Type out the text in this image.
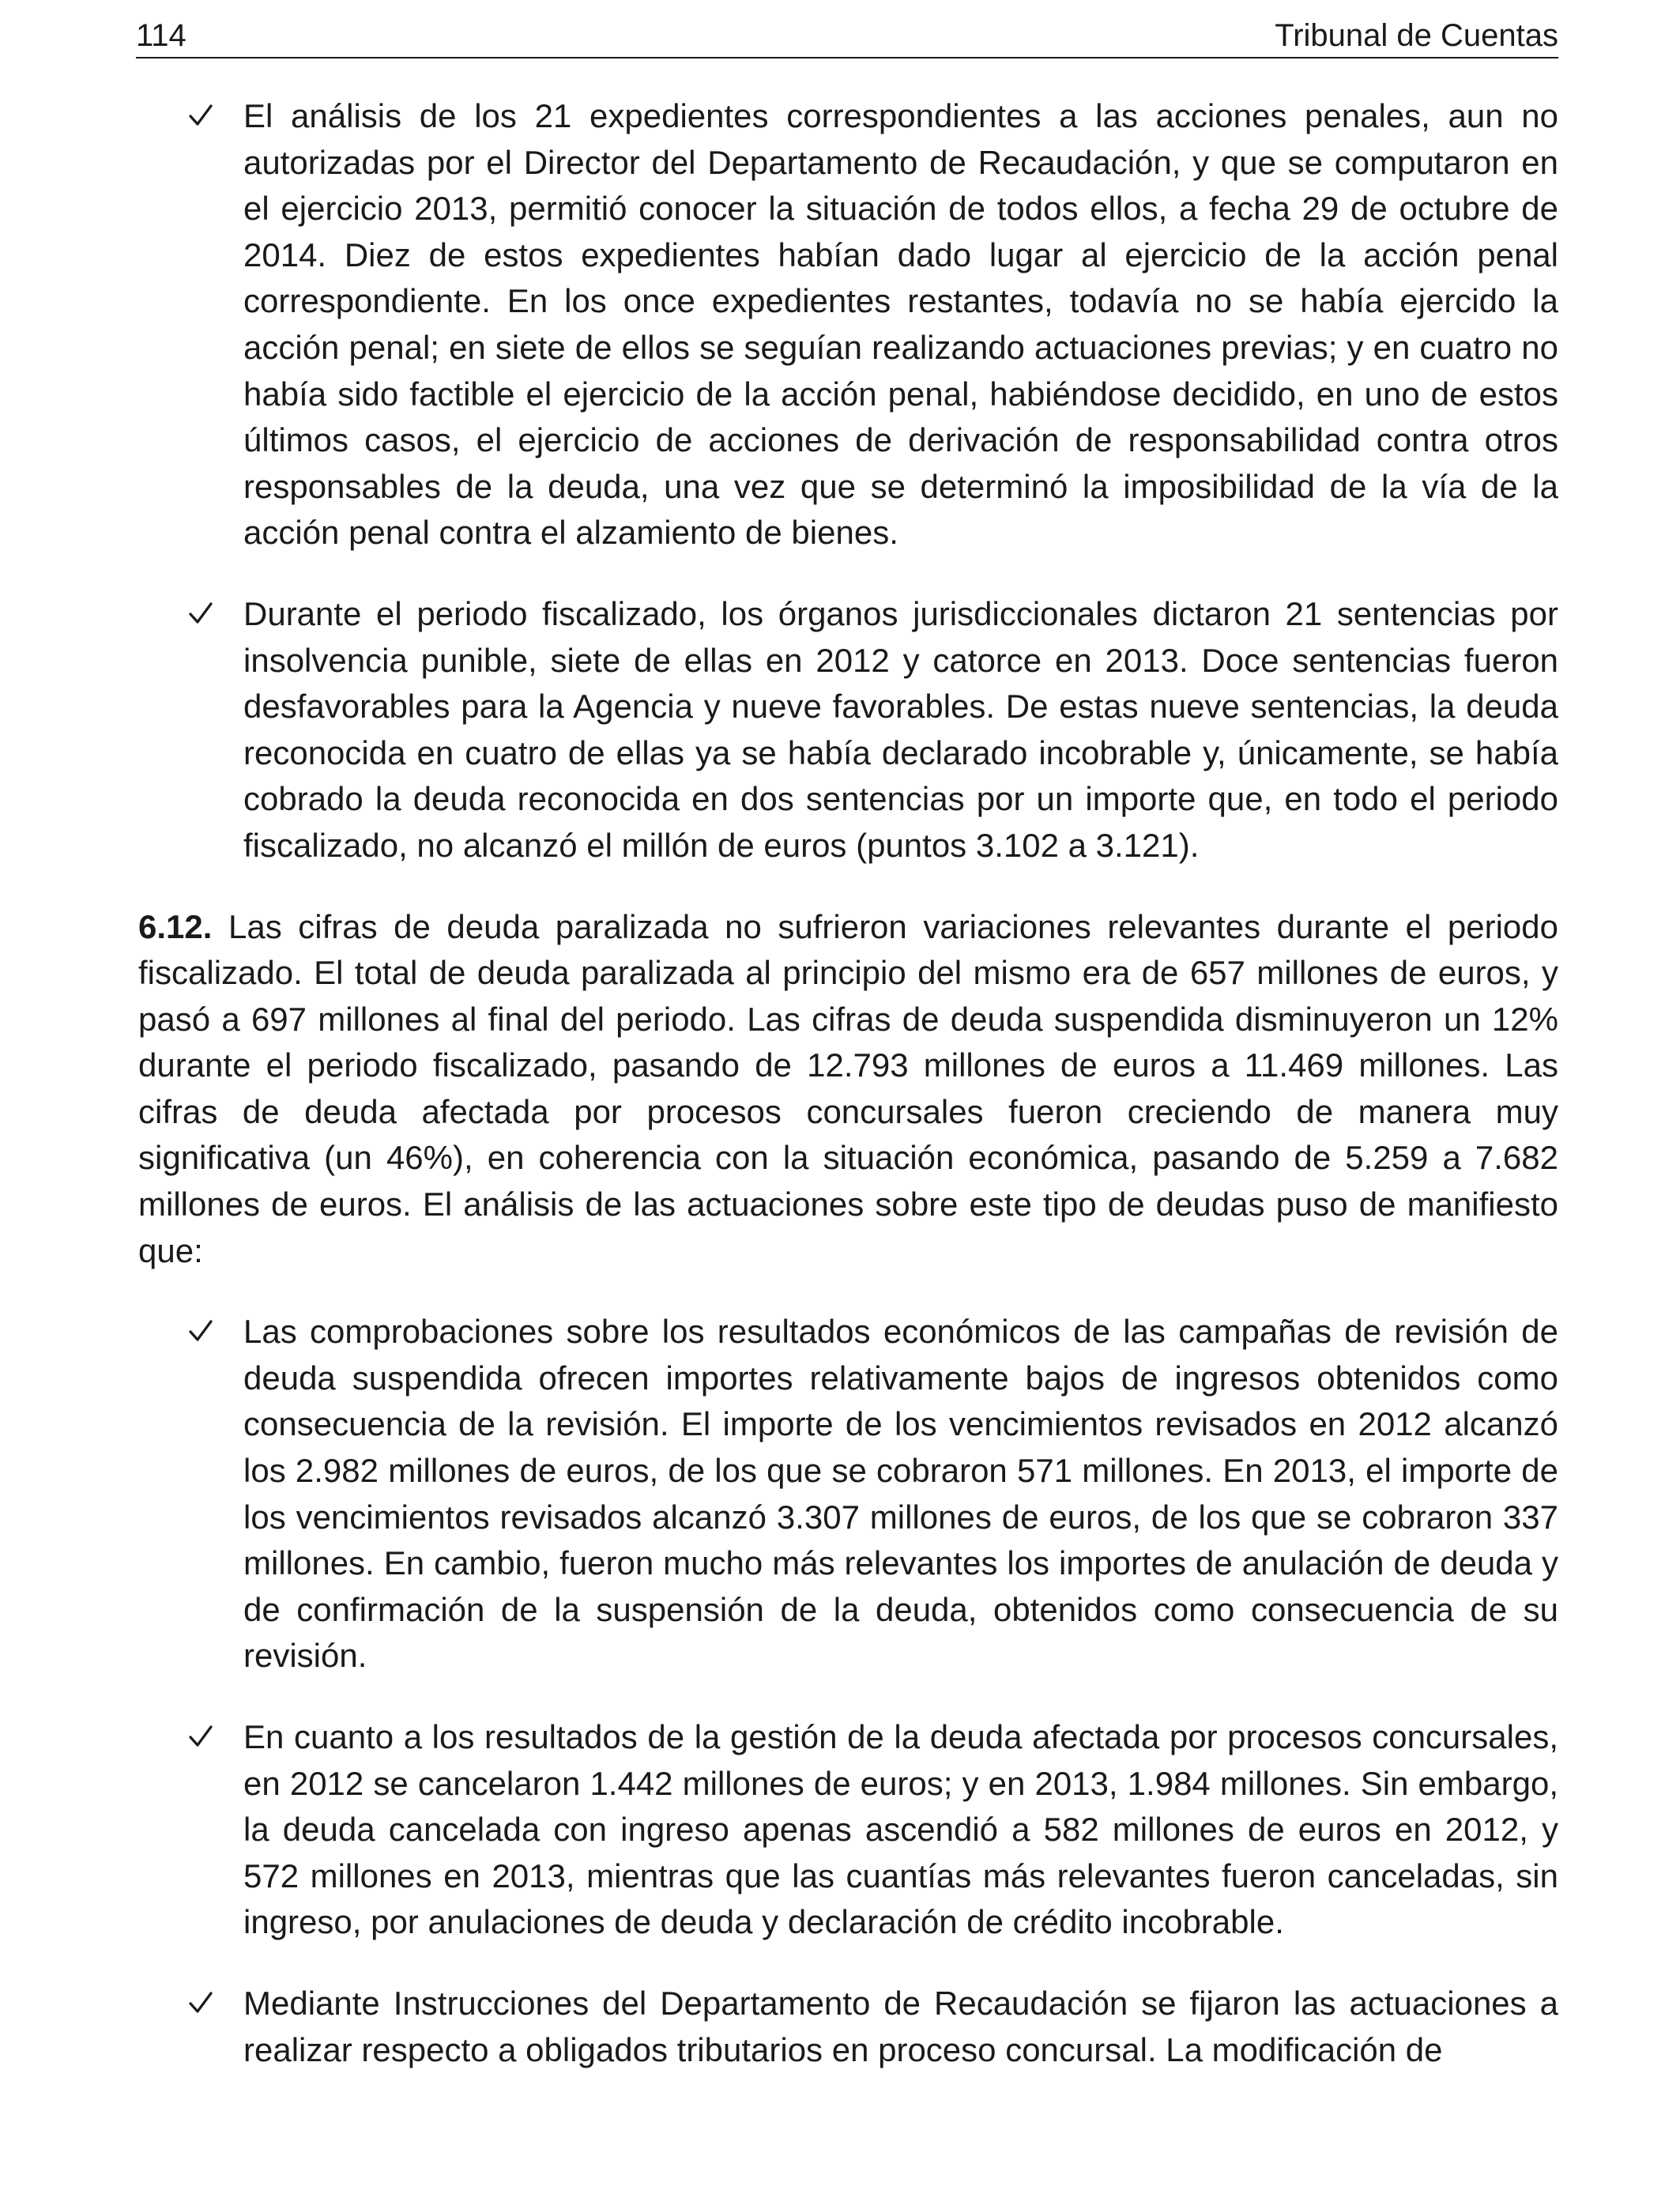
114	Tribunal de Cuentas
El análisis de los 21 expedientes correspondientes a las acciones penales, aun no autorizadas por el Director del Departamento de Recaudación, y que se computaron en el ejercicio 2013, permitió conocer la situación de todos ellos, a fecha 29 de octubre de 2014. Diez de estos expedientes habían dado lugar al ejercicio de la acción penal correspondiente. En los once expedientes restantes, todavía no se había ejercido la acción penal; en siete de ellos se seguían realizando actuaciones previas; y en cuatro no había sido factible el ejercicio de la acción penal, habiéndose decidido, en uno de estos últimos casos, el ejercicio de acciones de derivación de responsabilidad contra otros responsables de la deuda, una vez que se determinó la imposibilidad de la vía de la acción penal contra el alzamiento de bienes.
Durante el periodo fiscalizado, los órganos jurisdiccionales dictaron 21 sentencias por insolvencia punible, siete de ellas en 2012 y catorce en 2013. Doce sentencias fueron desfavorables para la Agencia y nueve favorables. De estas nueve sentencias, la deuda reconocida en cuatro de ellas ya se había declarado incobrable y, únicamente, se había cobrado la deuda reconocida en dos sentencias por un importe que, en todo el periodo fiscalizado, no alcanzó el millón de euros (puntos 3.102 a 3.121).
6.12. Las cifras de deuda paralizada no sufrieron variaciones relevantes durante el periodo fiscalizado. El total de deuda paralizada al principio del mismo era de 657 millones de euros, y pasó a 697 millones al final del periodo. Las cifras de deuda suspendida disminuyeron un 12% durante el periodo fiscalizado, pasando de 12.793 millones de euros a 11.469 millones. Las cifras de deuda afectada por procesos concursales fueron creciendo de manera muy significativa (un 46%), en coherencia con la situación económica, pasando de 5.259 a 7.682 millones de euros. El análisis de las actuaciones sobre este tipo de deudas puso de manifiesto que:
Las comprobaciones sobre los resultados económicos de las campañas de revisión de deuda suspendida ofrecen importes relativamente bajos de ingresos obtenidos como consecuencia de la revisión. El importe de los vencimientos revisados en 2012 alcanzó los 2.982 millones de euros, de los que se cobraron 571 millones. En 2013, el importe de los vencimientos revisados alcanzó 3.307 millones de euros, de los que se cobraron 337 millones. En cambio, fueron mucho más relevantes los importes de anulación de deuda y de confirmación de la suspensión de la deuda, obtenidos como consecuencia de su revisión.
En cuanto a los resultados de la gestión de la deuda afectada por procesos concursales, en 2012 se cancelaron 1.442 millones de euros; y en 2013, 1.984 millones. Sin embargo, la deuda cancelada con ingreso apenas ascendió a 582 millones de euros en 2012, y 572 millones en 2013, mientras que las cuantías más relevantes fueron canceladas, sin ingreso, por anulaciones de deuda y declaración de crédito incobrable.
Mediante Instrucciones del Departamento de Recaudación se fijaron las actuaciones a realizar respecto a obligados tributarios en proceso concursal. La modificación de
